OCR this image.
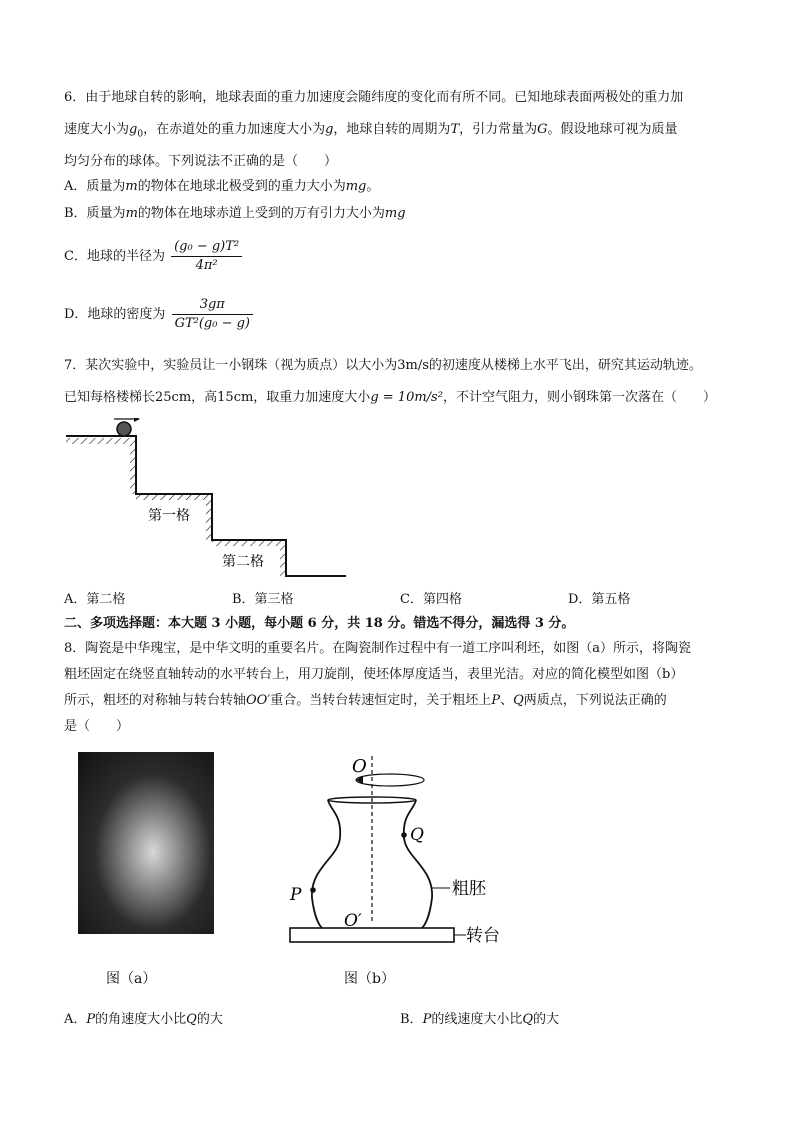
6．由于地球自转的影响，地球表面的重力加速度会随纬度的变化而有所不同。已知地球表面两极处的重力加
速度大小为$g_0$，在赤道处的重力加速度大小为g，地球自转的周期为T，引力常量为G。假设地球可视为质量
均匀分布的球体。下列说法不正确的是（　　）
A．质量为m的物体在地球北极受到的重力大小为mg。
B．质量为m的物体在地球赤道上受到的万有引力大小为mg
C．地球的半径为 $\frac{\text{(g₀ − g)T²}}{\text{4π²}}$
D．地球的密度为 $\frac{3g\pi}{\text{GT²(g₀ − g)}}$
7．某次实验中，实验员让一小钢珠（视为质点）以大小为3m/s的初速度从楼梯上水平飞出，研究其运动轨迹。
已知每格楼梯长25cm，高15cm，取重力加速度大小g = 10m/s²，不计空气阻力，则小钢珠第一次落在（　　）
第一格
第二格
A．第二格	B．第三格	C．第四格	D．第五格
二、多项选择题：本大题 3 小题，每小题 6 分，共 18 分。错选不得分，漏选得 3 分。
8．陶瓷是中华瑰宝，是中华文明的重要名片。在陶瓷制作过程中有一道工序叫利坯，如图（a）所示，将陶瓷
粗坯固定在绕竖直轴转动的水平转台上，用刀旋削，使坯体厚度适当，表里光洁。对应的简化模型如图（b）
所示，粗坯的对称轴与转台转轴OO′重合。当转台转速恒定时，关于粗坯上P、Q两质点，下列说法正确的
是（　　）
图（a）
O
Q
P
O′
粗胚
转台
图（b）
A．P的角速度大小比Q的大	B．P的线速度大小比Q的大
